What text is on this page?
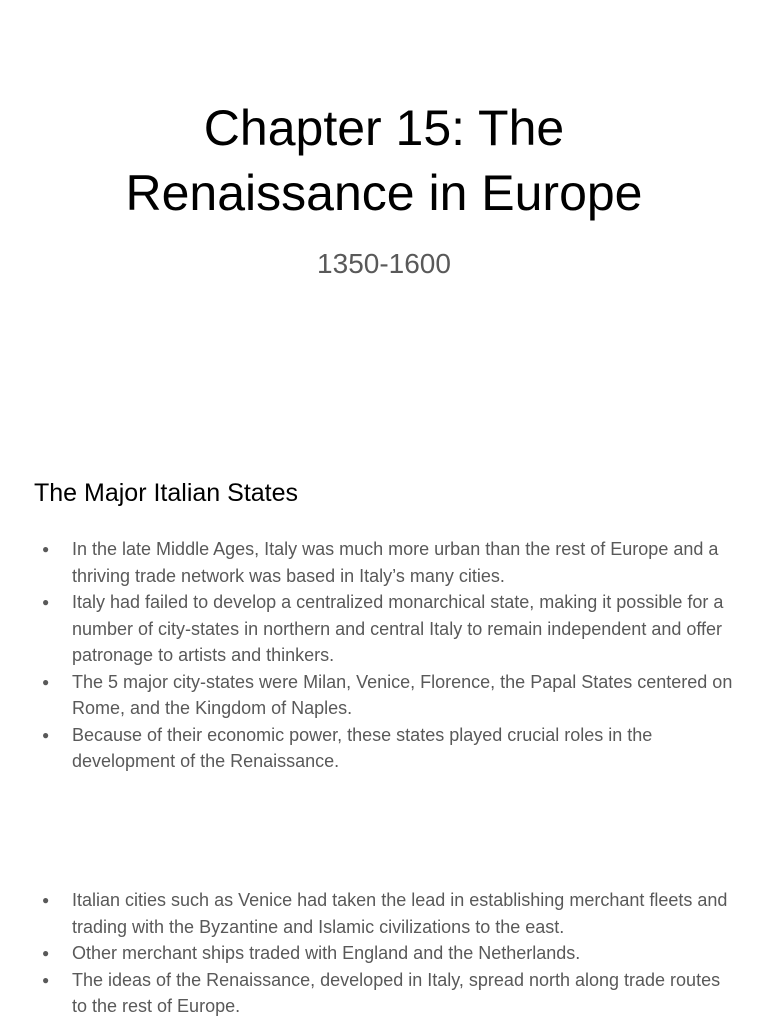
Chapter 15: The
Renaissance in Europe

1350-1600

The Major Italian States
● In the late Middle Ages, Italy was much more urban than the rest of Europe and a thriving trade network was based in Italy’s many cities.
● Italy had failed to develop a centralized monarchical state, making it possible for a number of city-states in northern and central Italy to remain independent and offer patronage to artists and thinkers.
● The 5 major city-states were Milan, Venice, Florence, the Papal States centered on Rome, and the Kingdom of Naples.
● Because of their economic power, these states played crucial roles in the development of the Renaissance.
● Italian cities such as Venice had taken the lead in establishing merchant fleets and trading with the Byzantine and Islamic civilizations to the east.
● Other merchant ships traded with England and the Netherlands.
● The ideas of the Renaissance, developed in Italy, spread north along trade routes to the rest of Europe.
